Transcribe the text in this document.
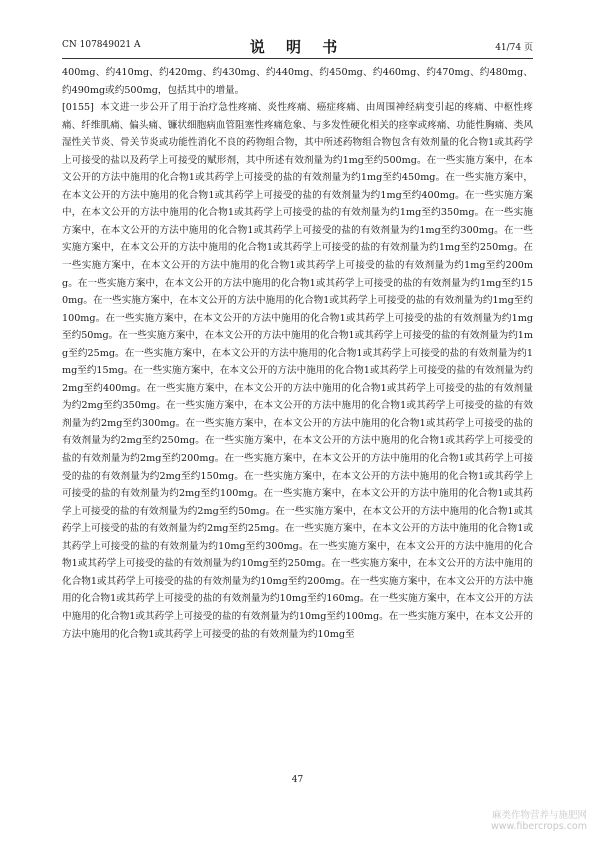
CN 107849021 A	说 明 书	41/74 页

400mg、约410mg、约420mg、约430mg、约440mg、约450mg、约460mg、约470mg、约480mg、约490mg或约500mg，包括其中的增量。

[0155] 本文进一步公开了用于治疗急性疼痛、炎性疼痛、癌症疼痛、由周围神经病变引起的疼痛、中枢性疼痛、纤维肌痛、偏头痛、镰状细胞病血管阻塞性疼痛危象、与多发性硬化相关的痉挛或疼痛、功能性胸痛、类风湿性关节炎、骨关节炎或功能性消化不良的药物组合物，其中所述药物组合物包含有效剂量的化合物1或其药学上可接受的盐以及药学上可接受的赋形剂，其中所述有效剂量为约1mg至约500mg。在一些实施方案中，在本文公开的方法中施用的化合物1或其药学上可接受的盐的有效剂量为约1mg至约450mg。在一些实施方案中，在本文公开的方法中施用的化合物1或其药学上可接受的盐的有效剂量为约1mg至约400mg。在一些实施方案中，在本文公开的方法中施用的化合物1或其药学上可接受的盐的有效剂量为约1mg至约350mg。在一些实施方案中，在本文公开的方法中施用的化合物1或其药学上可接受的盐的有效剂量为约1mg至约300mg。在一些实施方案中，在本文公开的方法中施用的化合物1或其药学上可接受的盐的有效剂量为约1mg至约250mg。在一些实施方案中，在本文公开的方法中施用的化合物1或其药学上可接受的盐的有效剂量为约1mg至约200mg。在一些实施方案中，在本文公开的方法中施用的化合物1或其药学上可接受的盐的有效剂量为约1mg至约150mg。在一些实施方案中，在本文公开的方法中施用的化合物1或其药学上可接受的盐的有效剂量为约1mg至约100mg。在一些实施方案中，在本文公开的方法中施用的化合物1或其药学上可接受的盐的有效剂量为约1mg至约50mg。在一些实施方案中，在本文公开的方法中施用的化合物1或其药学上可接受的盐的有效剂量为约1mg至约25mg。在一些实施方案中，在本文公开的方法中施用的化合物1或其药学上可接受的盐的有效剂量为约1mg至约15mg。在一些实施方案中，在本文公开的方法中施用的化合物1或其药学上可接受的盐的有效剂量为约2mg至约400mg。在一些实施方案中，在本文公开的方法中施用的化合物1或其药学上可接受的盐的有效剂量为约2mg至约350mg。在一些实施方案中，在本文公开的方法中施用的化合物1或其药学上可接受的盐的有效剂量为约2mg至约300mg。在一些实施方案中，在本文公开的方法中施用的化合物1或其药学上可接受的盐的有效剂量为约2mg至约250mg。在一些实施方案中，在本文公开的方法中施用的化合物1或其药学上可接受的盐的有效剂量为约2mg至约200mg。在一些实施方案中，在本文公开的方法中施用的化合物1或其药学上可接受的盐的有效剂量为约2mg至约150mg。在一些实施方案中，在本文公开的方法中施用的化合物1或其药学上可接受的盐的有效剂量为约2mg至约100mg。在一些实施方案中，在本文公开的方法中施用的化合物1或其药学上可接受的盐的有效剂量为约2mg至约50mg。在一些实施方案中，在本文公开的方法中施用的化合物1或其药学上可接受的盐的有效剂量为约2mg至约25mg。在一些实施方案中，在本文公开的方法中施用的化合物1或其药学上可接受的盐的有效剂量为约10mg至约300mg。在一些实施方案中，在本文公开的方法中施用的化合物1或其药学上可接受的盐的有效剂量为约10mg至约250mg。在一些实施方案中，在本文公开的方法中施用的化合物1或其药学上可接受的盐的有效剂量为约10mg至约200mg。在一些实施方案中，在本文公开的方法中施用的化合物1或其药学上可接受的盐的有效剂量为约10mg至约160mg。在一些实施方案中，在本文公开的方法中施用的化合物1或其药学上可接受的盐的有效剂量为约10mg至约100mg。在一些实施方案中，在本文公开的方法中施用的化合物1或其药学上可接受的盐的有效剂量为约10mg至

47
麻类作物营养与施肥网
www.fibercrops.com
